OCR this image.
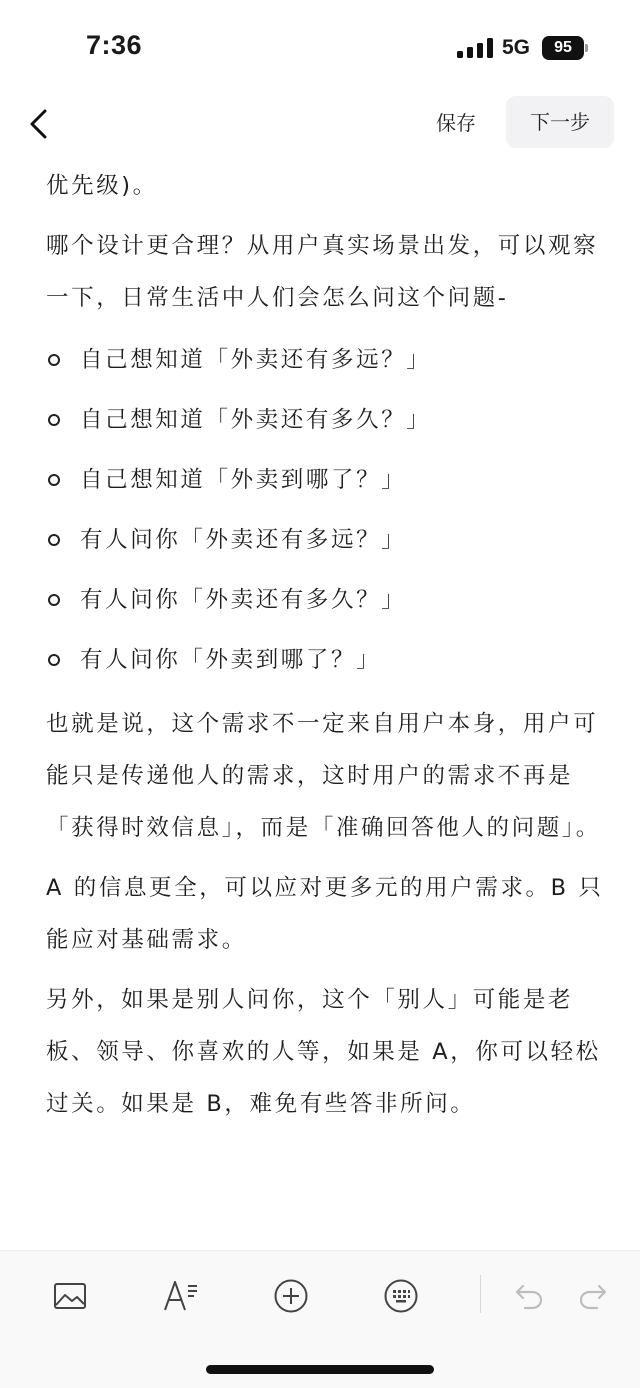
7:36	5G	95
保存	下一步

优先级)。

哪个设计更合理？从用户真实场景出发，可以观察一下，日常生活中人们会怎么问这个问题-

自己想知道「外卖还有多远？」
自己想知道「外卖还有多久？」
自己想知道「外卖到哪了？」
有人问你「外卖还有多远？」
有人问你「外卖还有多久？」
有人问你「外卖到哪了？」

也就是说，这个需求不一定来自用户本身，用户可能只是传递他人的需求，这时用户的需求不再是「获得时效信息」，而是「准确回答他人的问题」。

A 的信息更全，可以应对更多元的用户需求。B 只能应对基础需求。

另外，如果是别人问你，这个「别人」可能是老板、领导、你喜欢的人等，如果是 A，你可以轻松过关。如果是 B，难免有些答非所问。
